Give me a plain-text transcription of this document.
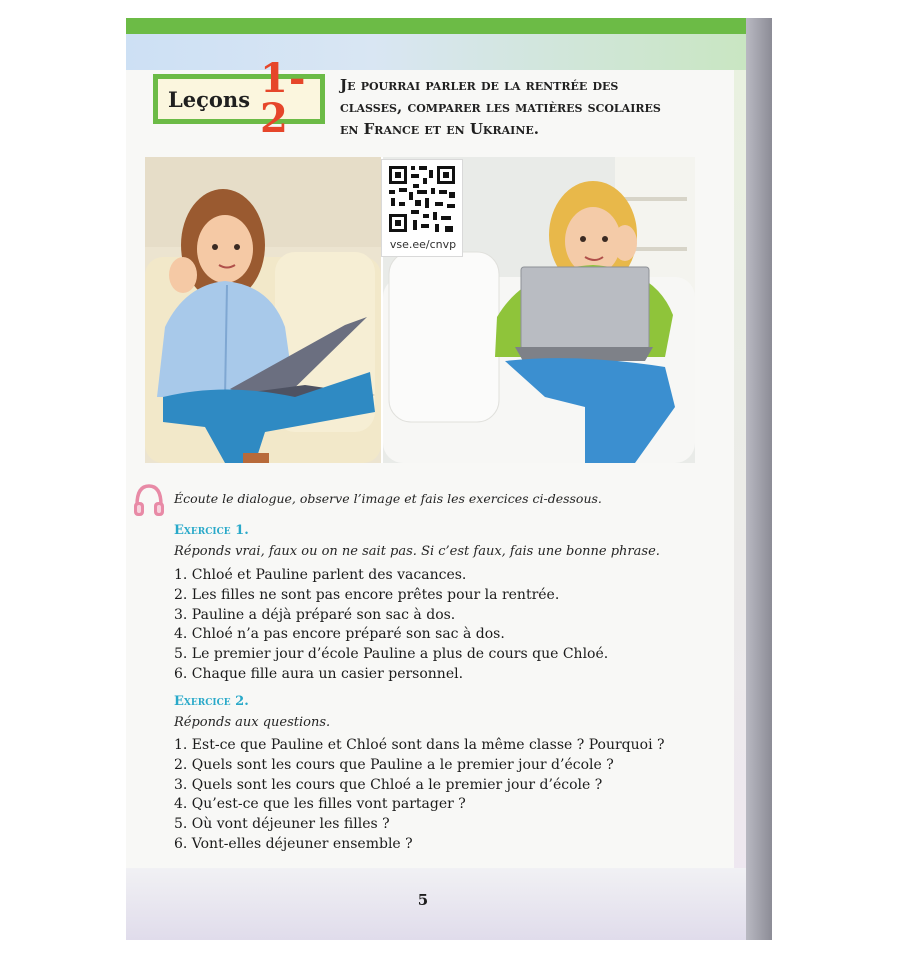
Leçons 1-2
Je pourrai parler de la rentrée des
classes, comparer les matières scolaires
en France et en Ukraine.
vse.ee/cnvp
Écoute le dialogue, observe l’image et fais les exercices ci-dessous.
Exercice 1.
Réponds vrai, faux ou on ne sait pas. Si c’est faux, fais une bonne phrase.
1. Chloé et Pauline parlent des vacances.
2. Les filles ne sont pas encore prêtes pour la rentrée.
3. Pauline a déjà préparé son sac à dos.
4. Chloé n’a pas encore préparé son sac à dos.
5. Le premier jour d’école Pauline a plus de cours que Chloé.
6. Chaque fille aura un casier personnel.
Exercice 2.
Réponds aux questions.
1. Est-ce que Pauline et Chloé sont dans la même classe ? Pourquoi ?
2. Quels sont les cours que Pauline a le premier jour d’école ?
3. Quels sont les cours que Chloé a le premier jour d’école ?
4. Qu’est-ce que les filles vont partager ?
5. Où vont déjeuner les filles ?
6. Vont-elles déjeuner ensemble ?
5
